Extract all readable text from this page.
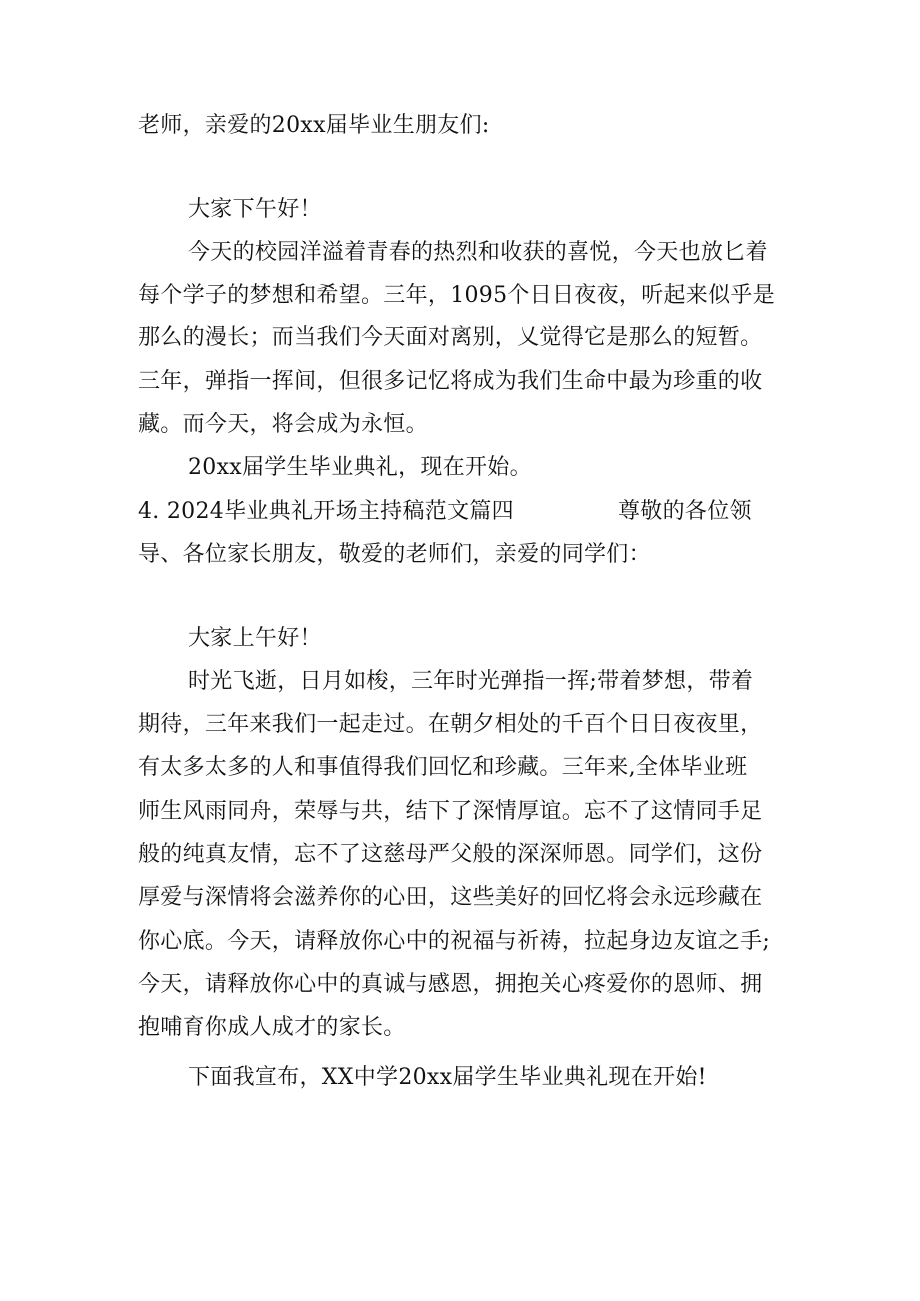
老师，亲爱的20xx届毕业生朋友们:
大家下午好！
今天的校园洋溢着青春的热烈和收获的喜悦，今天也放匕着
每个学子的梦想和希望。三年，1095个日日夜夜，听起来似乎是
那么的漫长；而当我们今天面对离别，乂觉得它是那么的短暂。
三年，弹指一挥间，但很多记忆将成为我们生命中最为珍重的收
藏。而今天，将会成为永恒。
20xx届学生毕业典礼，现在开始。
4. 2024毕业典礼开场主持稿范文篇四	尊敬的各位领
导、各位家长朋友，敬爱的老师们，亲爱的同学们：
大家上午好！
时光飞逝，日月如梭，三年时光弹指一挥;带着梦想，带着
期待，三年来我们一起走过。在朝夕相处的千百个日日夜夜里，
有太多太多的人和事值得我们回忆和珍藏。三年来,全体毕业班
师生风雨同舟，荣辱与共，结下了深情厚谊。忘不了这情同手足
般的纯真友情，忘不了这慈母严父般的深深师恩。同学们，这份
厚爱与深情将会滋养你的心田，这些美好的回忆将会永远珍藏在
你心底。今天，请释放你心中的祝福与祈祷，拉起身边友谊之手;
今天，请释放你心中的真诚与感恩，拥抱关心疼爱你的恩师、拥
抱哺育你成人成才的家长。
下面我宣布，XX中学20xx届学生毕业典礼现在开始!
